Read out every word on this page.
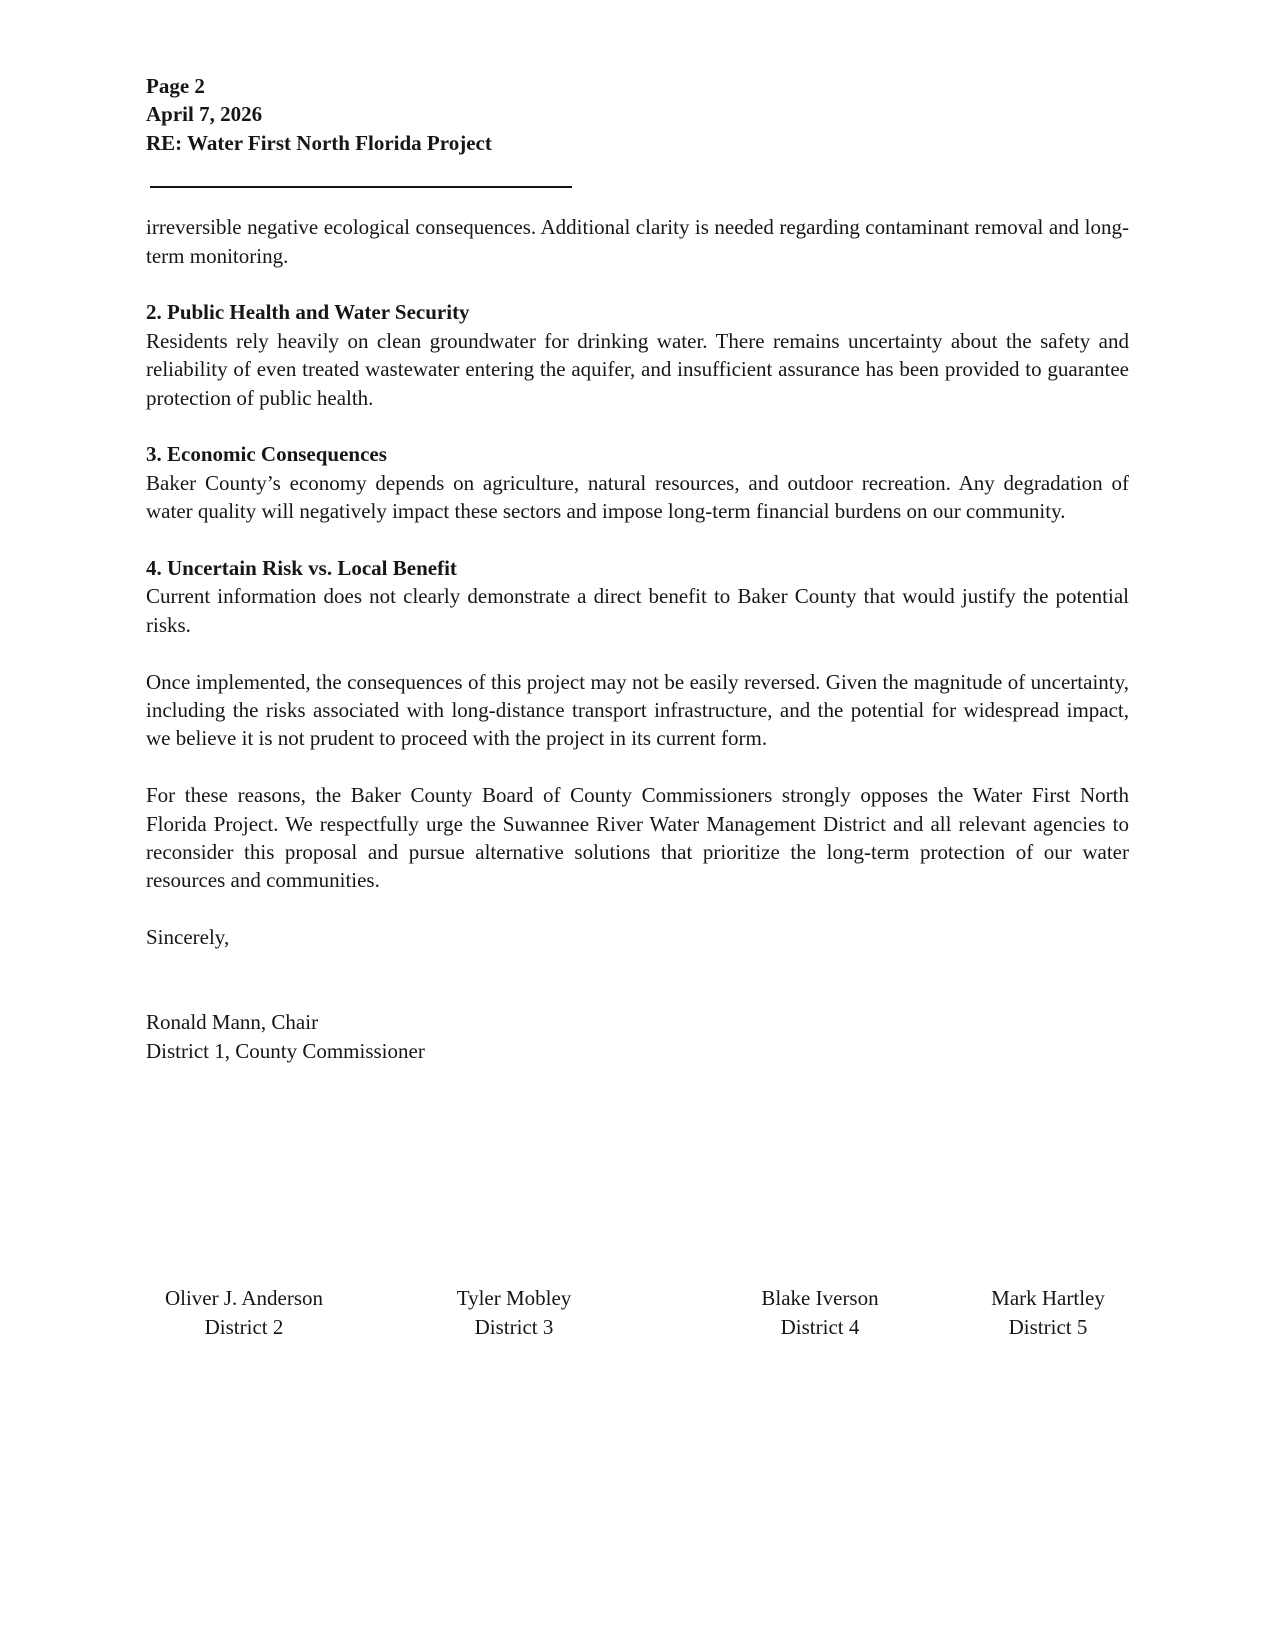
Page 2
April 7, 2026
RE: Water First North Florida Project

irreversible negative ecological consequences. Additional clarity is needed regarding contaminant removal and long-term monitoring.

2. Public Health and Water Security

Residents rely heavily on clean groundwater for drinking water. There remains uncertainty about the safety and reliability of even treated wastewater entering the aquifer, and insufficient assurance has been provided to guarantee protection of public health.

3. Economic Consequences

Baker County’s economy depends on agriculture, natural resources, and outdoor recreation. Any degradation of water quality will negatively impact these sectors and impose long-term financial burdens on our community.

4. Uncertain Risk vs. Local Benefit

Current information does not clearly demonstrate a direct benefit to Baker County that would justify the potential risks.

Once implemented, the consequences of this project may not be easily reversed. Given the magnitude of uncertainty, including the risks associated with long-distance transport infrastructure, and the potential for widespread impact, we believe it is not prudent to proceed with the project in its current form.

For these reasons, the Baker County Board of County Commissioners strongly opposes the Water First North Florida Project. We respectfully urge the Suwannee River Water Management District and all relevant agencies to reconsider this proposal and pursue alternative solutions that prioritize the long-term protection of our water resources and communities.

Sincerely,

Ronald Mann, Chair
District 1, County Commissioner
Oliver J. Anderson
District 2
Tyler Mobley
District 3
Blake Iverson
District 4
Mark Hartley
District 5
